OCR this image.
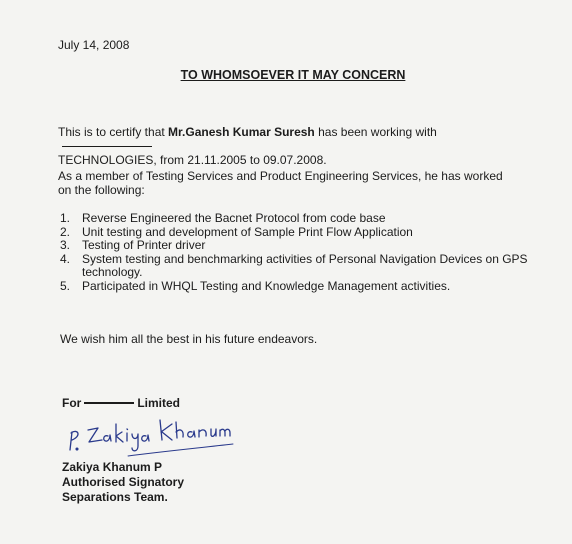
July 14, 2008
TO WHOMSOEVER IT MAY CONCERN
This is to certify that Mr.Ganesh Kumar Suresh has been working with
TECHNOLOGIES, from 21.11.2005 to 09.07.2008.
As a member of Testing Services and Product Engineering Services, he has worked on the following:
1. Reverse Engineered the Bacnet Protocol from code base
2. Unit testing and development of Sample Print Flow Application
3. Testing of Printer driver
4. System testing and benchmarking activities of Personal Navigation Devices on GPS technology.
5. Participated in WHQL Testing and Knowledge Management activities.
We wish him all the best in his future endeavors.
For	Limited
Zakiya Khanum P
Authorised Signatory
Separations Team.
